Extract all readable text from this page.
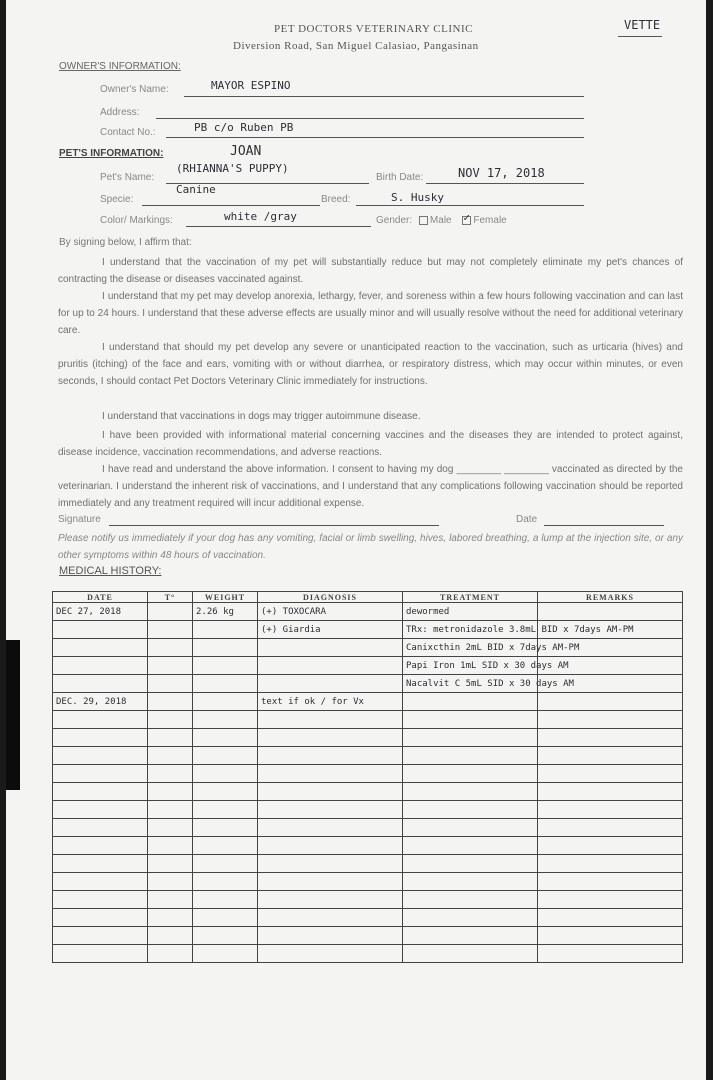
PET DOCTORS VETERINARY CLINIC
Diversion Road, San Miguel Calasiao, Pangasinan
VETTE
OWNER'S INFORMATION:
Owner's Name:	MAYOR ESPINO
Address:
Contact No.:	PB c/o Ruben PB
PET'S INFORMATION:	JOAN
Pet's Name:
(RHIANNA'S PUPPY)
Birth Date:	NOV 17, 2018
Specie:
Canine
Breed:	S. Husky
Color/ Markings:	white /gray	Gender: Male ✓ Female
By signing below, I affirm that:
I understand that the vaccination of my pet will substantially reduce but may not completely eliminate my pet's chances of contracting the disease or diseases vaccinated against.
I understand that my pet may develop anorexia, lethargy, fever, and soreness within a few hours following vaccination and can last for up to 24 hours. I understand that these adverse effects are usually minor and will usually resolve without the need for additional veterinary care.
I understand that should my pet develop any severe or unanticipated reaction to the vaccination, such as urticaria (hives) and pruritis (itching) of the face and ears, vomiting with or without diarrhea, or respiratory distress, which may occur within minutes, or even seconds, I should contact Pet Doctors Veterinary Clinic immediately for instructions.
I understand that vaccinations in dogs may trigger autoimmune disease.
I have been provided with informational material concerning vaccines and the diseases they are intended to protect against, disease incidence, vaccination recommendations, and adverse reactions.
I have read and understand the above information. I consent to having my dog ________ ________ vaccinated as directed by the veterinarian. I understand the inherent risk of vaccinations, and I understand that any complications following vaccination should be reported immediately and any treatment required will incur additional expense.
Signature	Date
Please notify us immediately if your dog has any vomiting, facial or limb swelling, hives, labored breathing, a lump at the injection site, or any other symptoms within 48 hours of vaccination.
MEDICAL HISTORY:
DATE	T°	WEIGHT	DIAGNOSIS	TREATMENT	REMARKS
DEC 27, 2018		2.26 kg	(+) TOXOCARA	dewormed	
			(+) Giardia	TRx: metronidazole 3.8mL BID x 7days AM-PM	
				Canixcthin 2mL BID x 7days AM-PM	
				Papi Iron 1mL SID x 30 days AM	
				Nacalvit C 5mL SID x 30 days AM	
DEC. 29, 2018			text if ok / for Vx		
